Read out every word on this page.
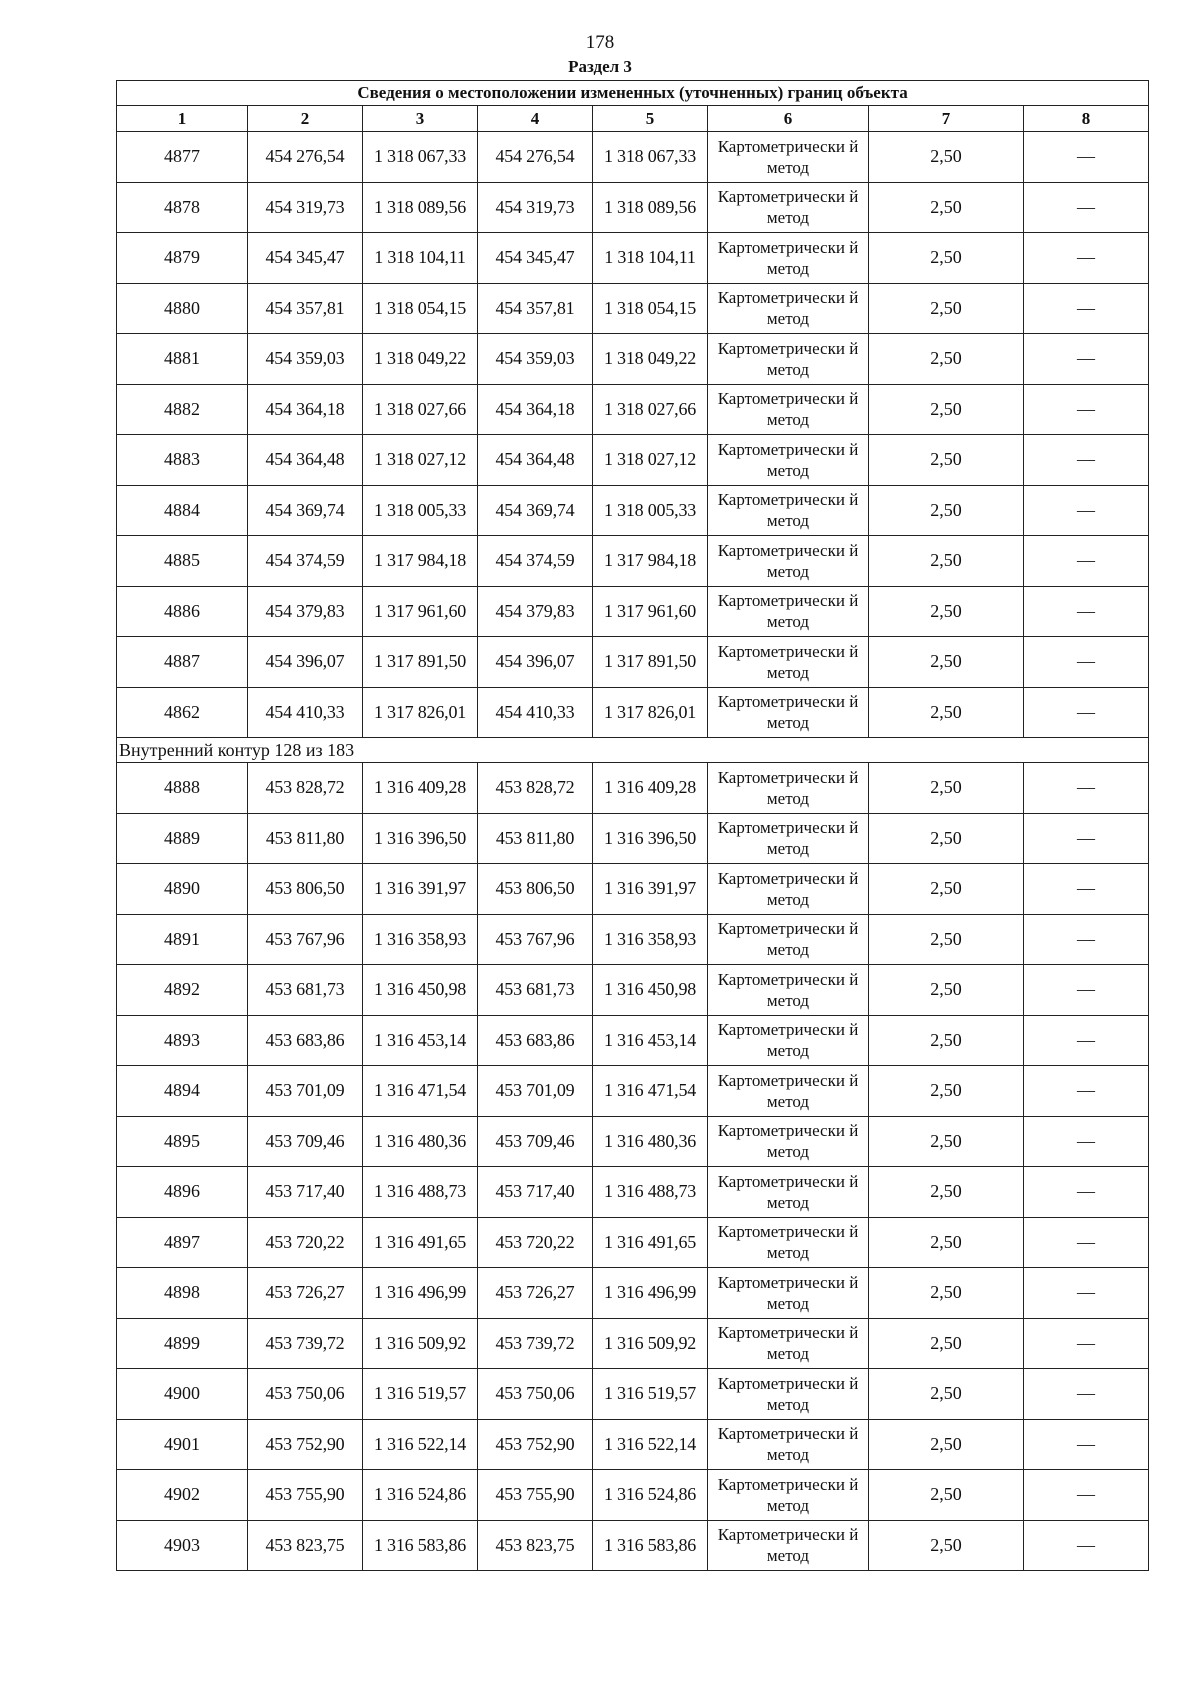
178
Раздел 3
Сведения о местоположении измененных (уточненных) границ объекта							
1	2	3	4	5	6	7	8
4877	454 276,54	1 318 067,33	454 276,54	1 318 067,33	Картометрически й метод	2,50	—
4878	454 319,73	1 318 089,56	454 319,73	1 318 089,56	Картометрически й метод	2,50	—
4879	454 345,47	1 318 104,11	454 345,47	1 318 104,11	Картометрически й метод	2,50	—
4880	454 357,81	1 318 054,15	454 357,81	1 318 054,15	Картометрически й метод	2,50	—
4881	454 359,03	1 318 049,22	454 359,03	1 318 049,22	Картометрически й метод	2,50	—
4882	454 364,18	1 318 027,66	454 364,18	1 318 027,66	Картометрически й метод	2,50	—
4883	454 364,48	1 318 027,12	454 364,48	1 318 027,12	Картометрически й метод	2,50	—
4884	454 369,74	1 318 005,33	454 369,74	1 318 005,33	Картометрически й метод	2,50	—
4885	454 374,59	1 317 984,18	454 374,59	1 317 984,18	Картометрически й метод	2,50	—
4886	454 379,83	1 317 961,60	454 379,83	1 317 961,60	Картометрически й метод	2,50	—
4887	454 396,07	1 317 891,50	454 396,07	1 317 891,50	Картометрически й метод	2,50	—
4862	454 410,33	1 317 826,01	454 410,33	1 317 826,01	Картометрически й метод	2,50	—
Внутренний контур 128 из 183							
4888	453 828,72	1 316 409,28	453 828,72	1 316 409,28	Картометрически й метод	2,50	—
4889	453 811,80	1 316 396,50	453 811,80	1 316 396,50	Картометрически й метод	2,50	—
4890	453 806,50	1 316 391,97	453 806,50	1 316 391,97	Картометрически й метод	2,50	—
4891	453 767,96	1 316 358,93	453 767,96	1 316 358,93	Картометрически й метод	2,50	—
4892	453 681,73	1 316 450,98	453 681,73	1 316 450,98	Картометрически й метод	2,50	—
4893	453 683,86	1 316 453,14	453 683,86	1 316 453,14	Картометрически й метод	2,50	—
4894	453 701,09	1 316 471,54	453 701,09	1 316 471,54	Картометрически й метод	2,50	—
4895	453 709,46	1 316 480,36	453 709,46	1 316 480,36	Картометрически й метод	2,50	—
4896	453 717,40	1 316 488,73	453 717,40	1 316 488,73	Картометрически й метод	2,50	—
4897	453 720,22	1 316 491,65	453 720,22	1 316 491,65	Картометрически й метод	2,50	—
4898	453 726,27	1 316 496,99	453 726,27	1 316 496,99	Картометрически й метод	2,50	—
4899	453 739,72	1 316 509,92	453 739,72	1 316 509,92	Картометрически й метод	2,50	—
4900	453 750,06	1 316 519,57	453 750,06	1 316 519,57	Картометрически й метод	2,50	—
4901	453 752,90	1 316 522,14	453 752,90	1 316 522,14	Картометрически й метод	2,50	—
4902	453 755,90	1 316 524,86	453 755,90	1 316 524,86	Картометрически й метод	2,50	—
4903	453 823,75	1 316 583,86	453 823,75	1 316 583,86	Картометрически й метод	2,50	—
